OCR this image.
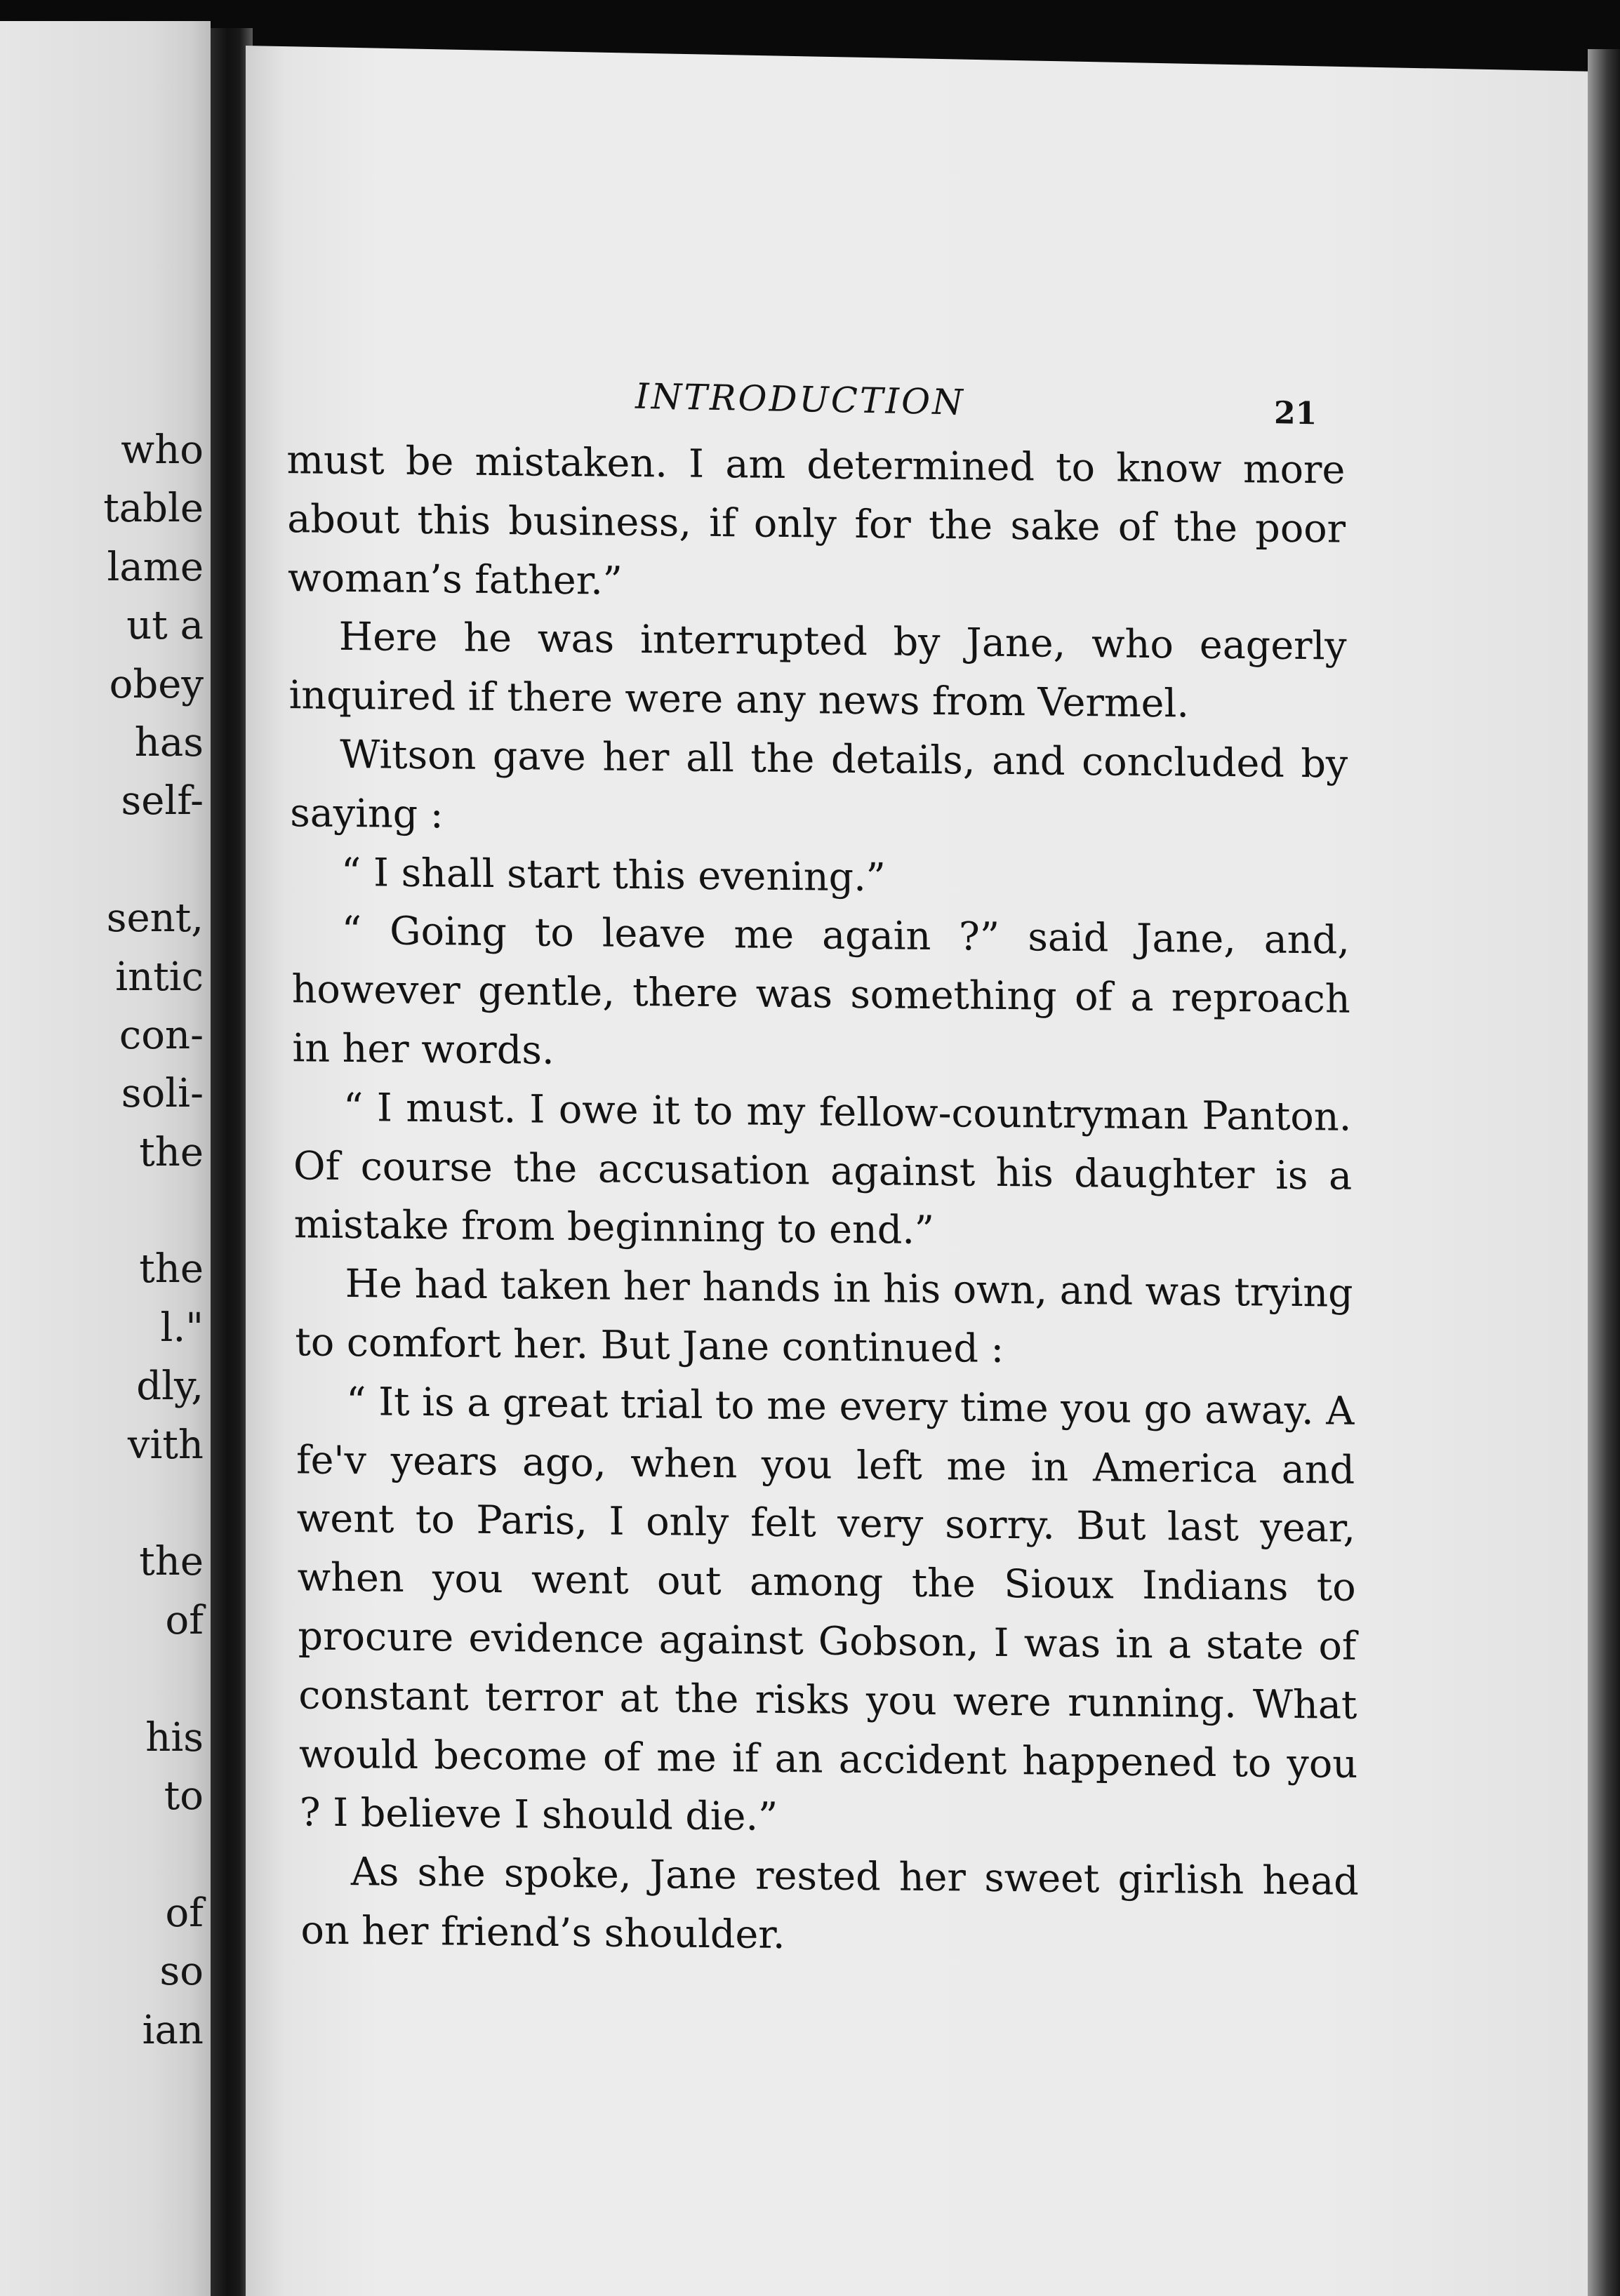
who
table
lame
ut a
obey
has
self-
sent,
intic
con-
soli-
the
the
l."
dly,
vith
the
of
his
to
of
so
ian
INTRODUCTION	21

must be mistaken. I am determined to know more about this business, if only for the sake of the poor woman’s father.”

Here he was interrupted by Jane, who eagerly inquired if there were any news from Vermel.

Witson gave her all the details, and concluded by saying :

“ I shall start this evening.”

“ Going to leave me again ?” said Jane, and, however gentle, there was something of a reproach in her words.

“ I must. I owe it to my fellow-countryman Panton. Of course the accusation against his daughter is a mistake from beginning to end.”

He had taken her hands in his own, and was trying to comfort her. But Jane continued :

“ It is a great trial to me every time you go away. A fe'v years ago, when you left me in America and went to Paris, I only felt very sorry. But last year, when you went out among the Sioux Indians to procure evidence against Gobson, I was in a state of constant terror at the risks you were running. What would become of me if an accident happened to you ? I believe I should die.”

As she spoke, Jane rested her sweet girlish head on her friend’s shoulder.
